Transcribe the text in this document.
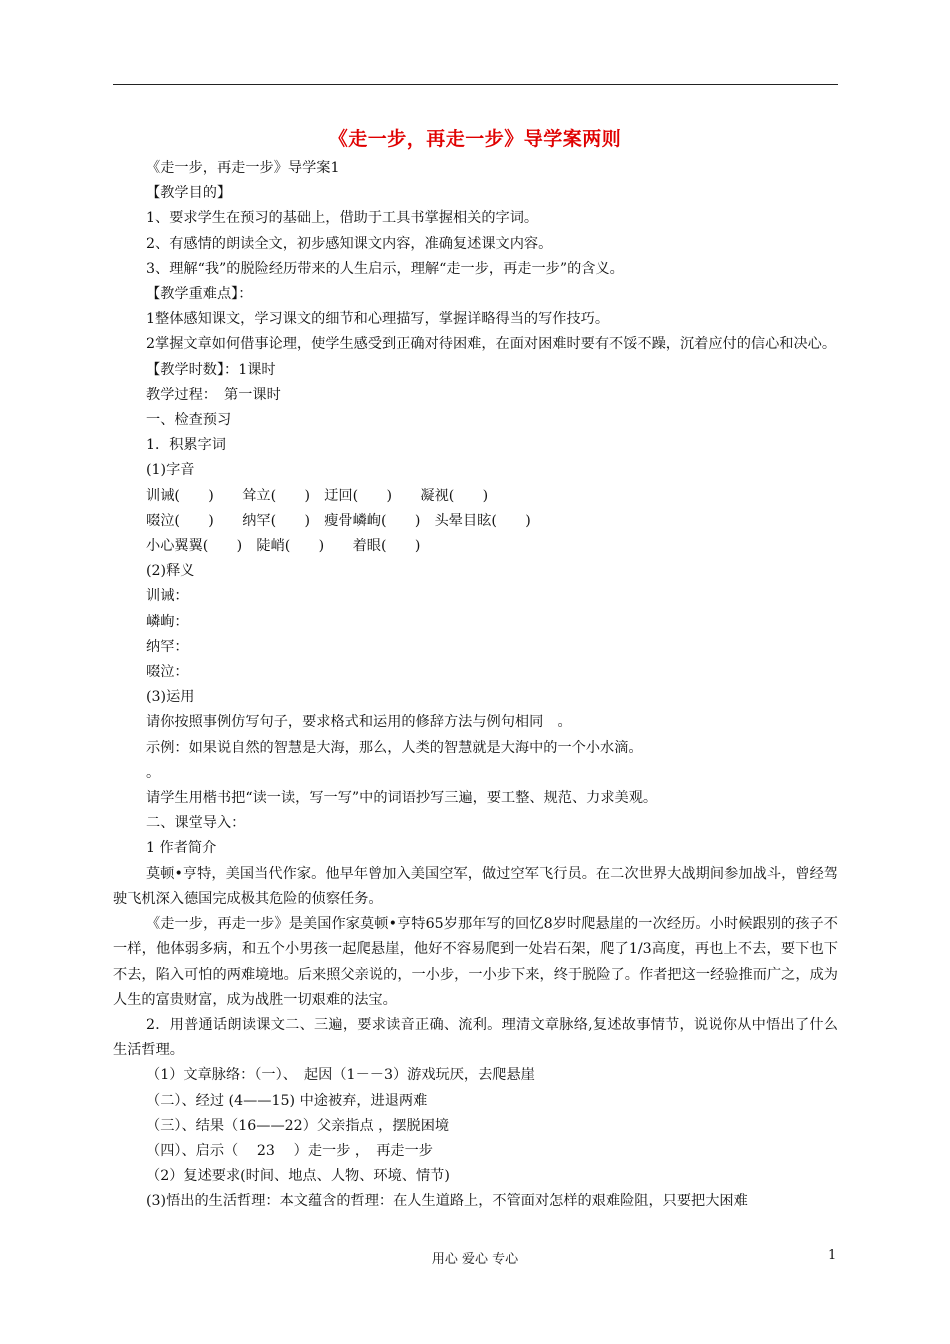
《走一步，再走一步》导学案两则

《走一步，再走一步》导学案1

【教学目的】

1、要求学生在预习的基础上，借助于工具书掌握相关的字词。

2、有感情的朗读全文，初步感知课文内容，准确复述课文内容。

3、理解“我”的脱险经历带来的人生启示，理解“走一步，再走一步”的含义。

【教学重难点】：

1整体感知课文，学习课文的细节和心理描写，掌握详略得当的写作技巧。

2掌握文章如何借事论理，使学生感受到正确对待困难，在面对困难时要有不馁不躁，沉着应付的信心和决心。

【教学时数】：1课时

教学过程：　第一课时

一、检查预习

1．积累字词

(1)字音

训诫(　　)　　耸立(　　)　迂回(　　)　　凝视(　　)

啜泣(　　)　　纳罕(　　)　瘦骨嶙峋(　　)　头晕目眩(　　)

小心翼翼(　　)　陡峭(　　)　　着眼(　　)

(2)释义

训诫：

嶙峋：

纳罕：

啜泣：

(3)运用

请你按照事例仿写句子，要求格式和运用的修辞方法与例句相同　。

示例：如果说自然的智慧是大海，那么，人类的智慧就是大海中的一个小水滴。

。

请学生用楷书把“读一读，写一写”中的词语抄写三遍，要工整、规范、力求美观。

二、课堂导入：

1 作者简介

莫顿•亨特，美国当代作家。他早年曾加入美国空军，做过空军飞行员。在二次世界大战期间参加战斗，曾经驾驶飞机深入德国完成极其危险的侦察任务。

《走一步，再走一步》是美国作家莫顿•亨特65岁那年写的回忆8岁时爬悬崖的一次经历。小时候跟别的孩子不一样，他体弱多病，和五个小男孩一起爬悬崖，他好不容易爬到一处岩石架，爬了1/3高度，再也上不去，要下也下不去，陷入可怕的两难境地。后来照父亲说的，一小步，一小步下来，终于脱险了。作者把这一经验推而广之，成为人生的富贵财富，成为战胜一切艰难的法宝。

2．用普通话朗读课文二、三遍，要求读音正确、流利。理清文章脉络,复述故事情节，说说你从中悟出了什么生活哲理。

（1）文章脉络：（一）、　起因（1－－3）游戏玩厌，去爬悬崖

（二）、经过 (4——15) 中途被弃，进退两难

（三）、结果（16——22）父亲指点 ，摆脱困境

（四）、启示（　 23　 ）走一步 ，　再走一步

（2）复述要求(时间、地点、人物、环境、情节)

(3)悟出的生活哲理：本文蕴含的哲理：在人生道路上，不管面对怎样的艰难险阻，只要把大困难

用心 爱心 专心	1
